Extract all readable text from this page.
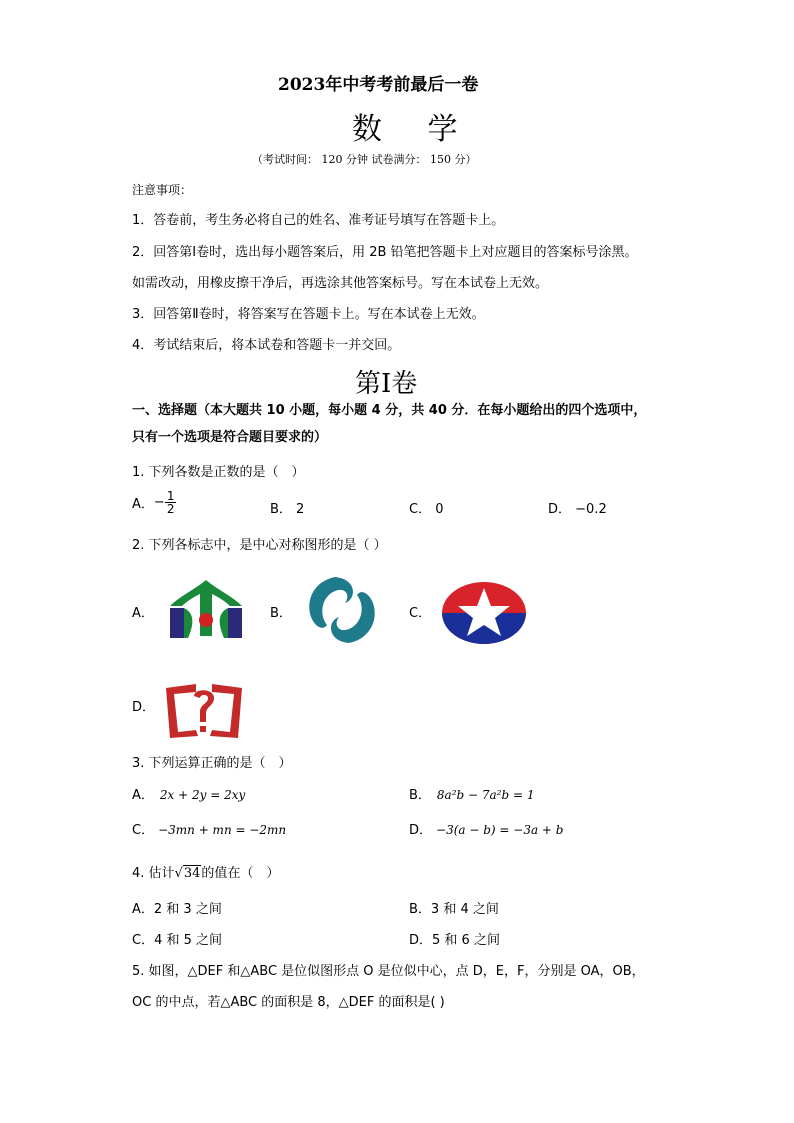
2023年中考考前最后一卷
数 学
（考试时间： 120 分钟 试卷满分： 150 分）
注意事项：
1．答卷前，考生务必将自己的姓名、准考证号填写在答题卡上。
2．回答第Ⅰ卷时，选出每小题答案后，用 2B 铅笔把答题卡上对应题目的答案标号涂黑。
如需改动，用橡皮擦干净后，再选涂其他答案标号。写在本试卷上无效。
3．回答第Ⅱ卷时，将答案写在答题卡上。写在本试卷上无效。
4．考试结束后，将本试卷和答题卡一并交回。
第Ⅰ卷
一、选择题（本大题共 10 小题，每小题 4 分，共 40 分．在每小题给出的四个选项中，
只有一个选项是符合题目要求的）
1. 下列各数是正数的是（　）
A．− $\frac{1}{2}$	B． 2	C． 0	D． −0.2
2. 下列各标志中，是中心对称图形的是（ ）
A．	B．	C．
D．
3. 下列运算正确的是（　）
A． 2x + 2y = 2xy	B． 8a²b − 7a²b = 1
C． −3mn + mn = −2mn	D． −3(a − b) = −3a + b
4. 估计√34的值在（　）
A．2 和 3 之间	B．3 和 4 之间
C．4 和 5 之间	D．5 和 6 之间
5. 如图，△DEF 和△ABC 是位似图形点 O 是位似中心，点 D，E，F，分别是 OA，OB，
OC 的中点，若△ABC 的面积是 8，△DEF 的面积是( )
